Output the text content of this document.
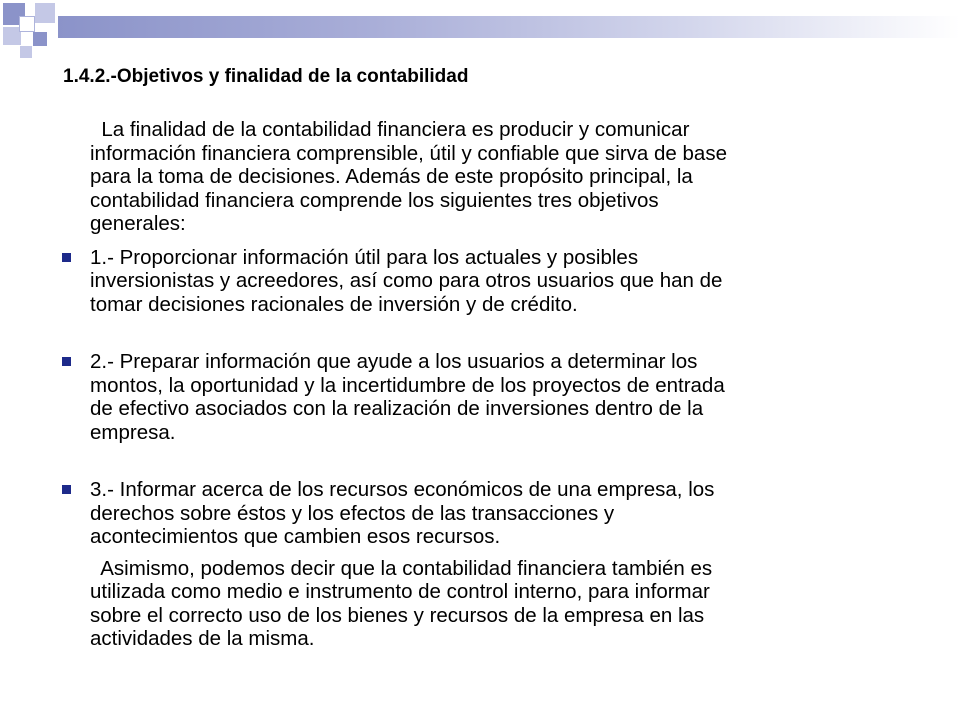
1.4.2.-Objetivos y finalidad de la contabilidad
La finalidad de la contabilidad financiera es producir y comunicar
información financiera comprensible, útil y confiable que sirva de base
para la toma de decisiones. Además de este propósito principal, la
contabilidad financiera comprende los siguientes tres objetivos
generales:
1.- Proporcionar información útil para los actuales y posibles
inversionistas y acreedores, así como para otros usuarios que han de
tomar decisiones racionales de inversión y de crédito.
2.- Preparar información que ayude a los usuarios a determinar los
montos, la oportunidad y la incertidumbre de los proyectos de entrada
de efectivo asociados con la realización de inversiones dentro de la
empresa.
3.- Informar acerca de los recursos económicos de una empresa, los
derechos sobre éstos y los efectos de las transacciones y
acontecimientos que cambien esos recursos.
Asimismo, podemos decir que la contabilidad financiera también es
utilizada como medio e instrumento de control interno, para informar
sobre el correcto uso de los bienes y recursos de la empresa en las
actividades de la misma.
